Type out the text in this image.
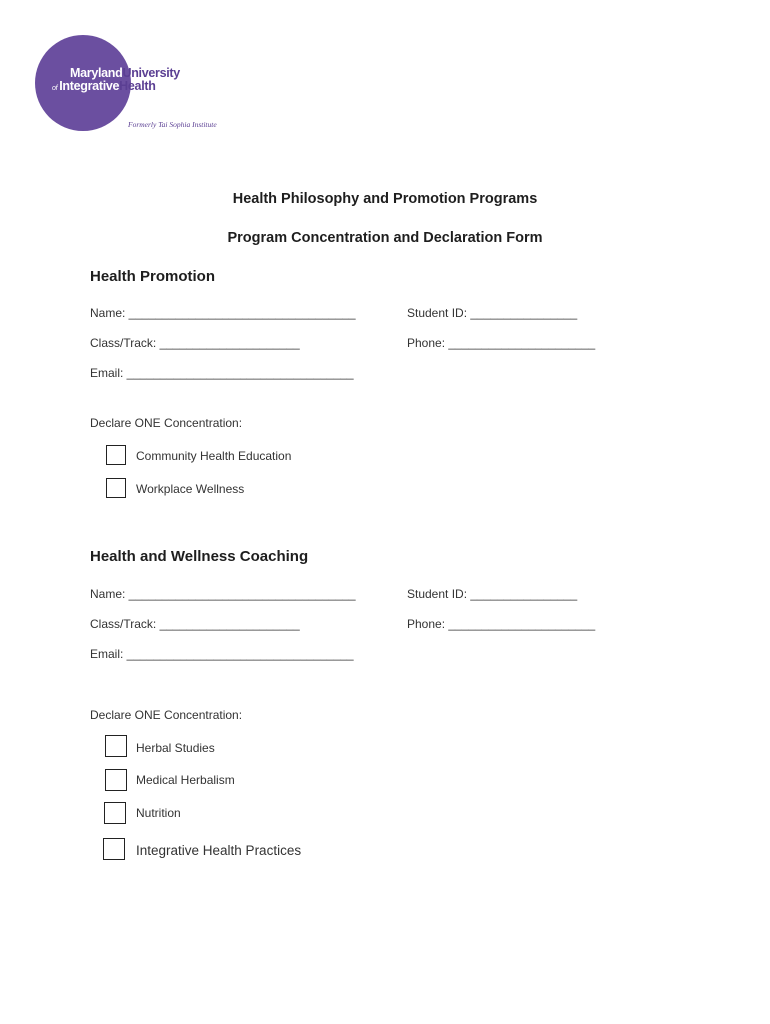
MarylandUniversity
of IntegrativeHealth
Formerly Tai Sophia Institute
Health Philosophy and Promotion Programs
Program Concentration and Declaration Form
Health Promotion
Name: __________________________________	Student ID: ________________
Class/Track: _____________________	Phone: ______________________
Email: __________________________________
Declare ONE Concentration:
Community Health Education
Workplace Wellness
Health and Wellness Coaching
Name: __________________________________	Student ID: ________________
Class/Track: _____________________	Phone: ______________________
Email: __________________________________
Declare ONE Concentration:
Herbal Studies
Medical Herbalism
Nutrition
Integrative Health Practices
